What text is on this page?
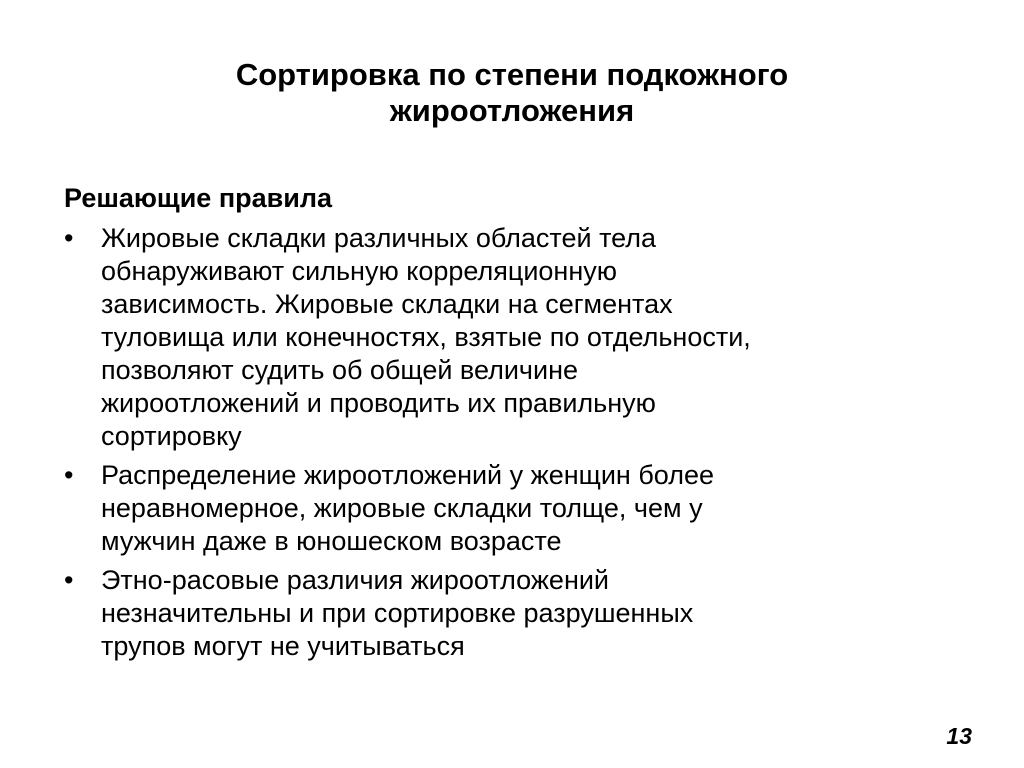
Сортировка по степени подкожного
жироотложения
Решающие правила
•	Жировые складки различных областей тела
обнаруживают сильную корреляционную
зависимость. Жировые складки на сегментах
туловища или конечностях, взятые по отдельности,
позволяют судить об общей величине
жироотложений и проводить их правильную
сортировку
•	Распределение жироотложений у женщин более
неравномерное, жировые складки толще, чем у
мужчин даже в юношеском возрасте
•	Этно-расовые различия жироотложений
незначительны и при сортировке разрушенных
трупов могут не учитываться
13
